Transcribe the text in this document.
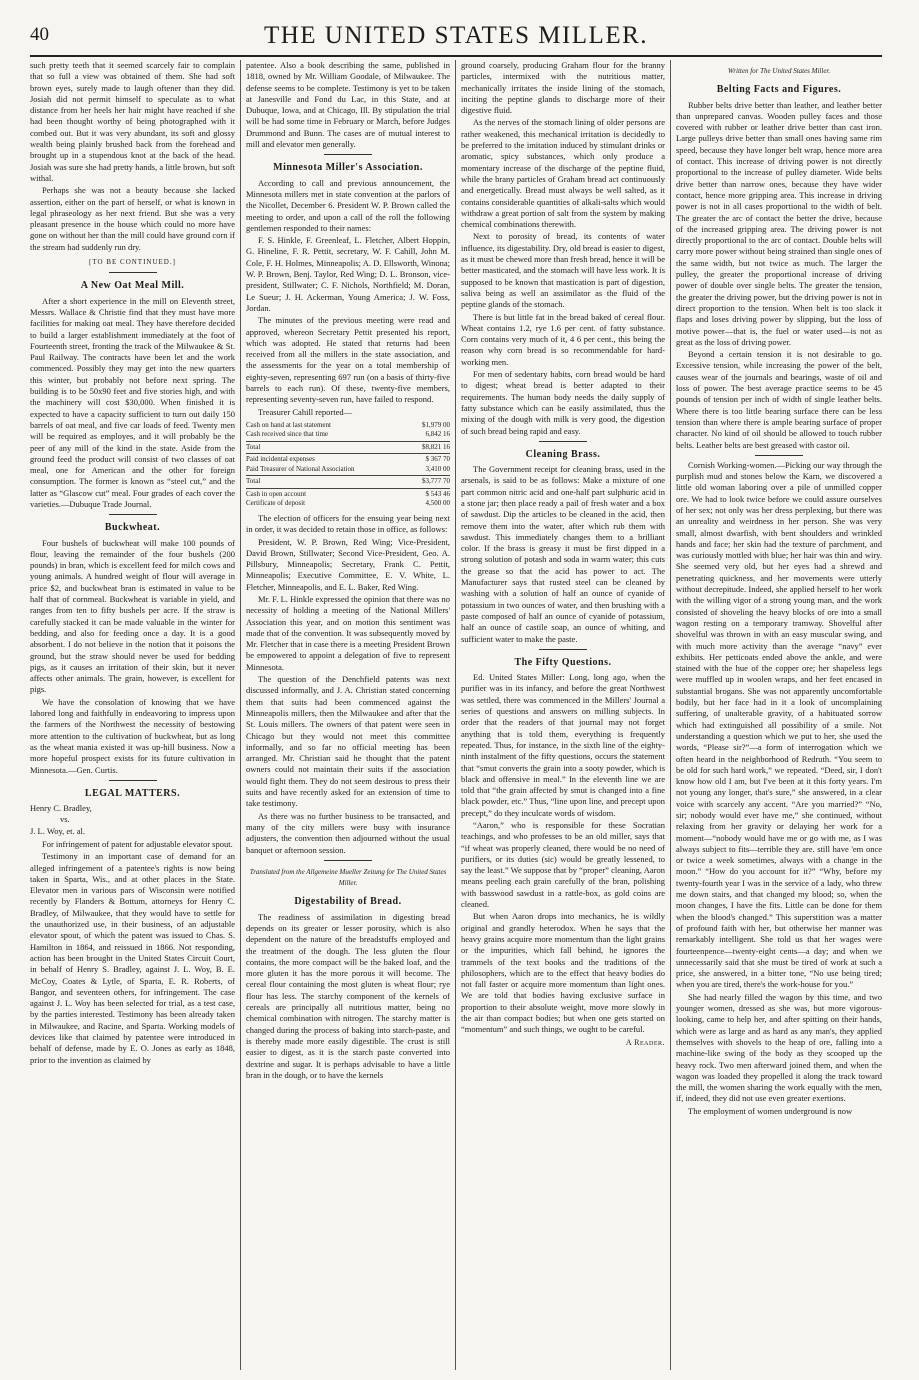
40	THE UNITED STATES MILLER.

such pretty teeth that it seemed scarcely fair to complain that so full a view was obtained of them. She had soft brown eyes, surely made to laugh oftener than they did. Josiah did not permit himself to speculate as to what distance from her heels her hair might have reached if she had been thought worthy of being photographed with it combed out. But it was very abundant, its soft and glossy wealth being plainly brushed back from the forehead and brought up in a stupendous knot at the back of the head. Josiah was sure she had pretty hands, a little brown, but soft withal.

Perhaps she was not a beauty because she lacked assertion, either on the part of herself, or what is known in legal phraseology as her next friend. But she was a very pleasant presence in the house which could no more have gone on without her than the mill could have ground corn if the stream had suddenly run dry.

[TO BE CONTINUED.]
A New Oat Meal Mill.

After a short experience in the mill on Eleventh street, Messrs. Wallace & Christie find that they must have more facilities for making oat meal. They have therefore decided to build a larger establishment immediately at the foot of Fourteenth street, fronting the track of the Milwaukee & St. Paul Railway. The contracts have been let and the work commenced. Possibly they may get into the new quarters this winter, but probably not before next spring. The building is to be 50x90 feet and five stories high, and with the machinery will cost $30,000. When finished it is expected to have a capacity sufficient to turn out daily 150 barrels of oat meal, and five car loads of feed. Twenty men will be required as employes, and it will probably be the peer of any mill of the kind in the state. Aside from the ground feed the product will consist of two classes of oat meal, one for American and the other for foreign consumption. The former is known as “steel cut,” and the latter as “Glascow cut” meal. Four grades of each cover the varieties.—Dubuque Trade Journal.

Buckwheat.

Four bushels of buckwheat will make 100 pounds of flour, leaving the remainder of the four bushels (200 pounds) in bran, which is excellent feed for milch cows and young animals. A hundred weight of flour will average in price $2, and buckwheat bran is estimated in value to be half that of cornmeal. Buckwheat is variable in yield, and ranges from ten to fifty bushels per acre. If the straw is carefully stacked it can be made valuable in the winter for bedding, and also for feeding once a day. It is a good absorbent. I do not believe in the notion that it poisons the ground, but the straw should never be used for bedding pigs, as it causes an irritation of their skin, but it never affects other animals. The grain, however, is excellent for pigs.

We have the consolation of knowing that we have labored long and faithfully in endeavoring to impress upon the farmers of the Northwest the necessity of bestowing more attention to the cultivation of buckwheat, but as long as the wheat mania existed it was up-hill business. Now a more hopeful prospect exists for its future cultivation in Minnesota.—Gen. Curtis.

LEGAL MATTERS.
Henry C. Bradley,
vs.
J. L. Woy, et. al.

For infringement of patent for adjustable elevator spout.

Testimony in an important case of demand for an alleged infringement of a patentee's rights is now being taken in Sparta, Wis., and at other places in the State. Elevator men in various pars of Wisconsin were notified recently by Flanders & Bottum, attorneys for Henry C. Bradley, of Milwaukee, that they would have to settle for the unauthorized use, in their business, of an adjustable elevator spout, of which the patent was issued to Chas. S. Hamilton in 1864, and reissued in 1866. Not responding, action has been brought in the United States Circuit Court, in behalf of Henry S. Bradley, against J. L. Woy, B. E. McCoy, Coates & Lytle, of Sparta, E. R. Roberts, of Bangor, and seventeen others, for infringement. The case against J. L. Woy has been selected for trial, as a test case, by the parties interested. Testimony has been already taken in Milwaukee, and Racine, and Sparta. Working models of devices like that claimed by patentee were introduced in behalf of defense, made by E. O. Jones as early as 1848, prior to the invention as claimed by

patentee. Also a book describing the same, published in 1818, owned by Mr. William Goodale, of Milwaukee. The defense seems to be complete. Testimony is yet to be taken at Janesville and Fond du Lac, in this State, and at Dubuque, Iowa, and at Chicago, Ill. By stipulation the trial will be had some time in February or March, before Judges Drummond and Bunn. The cases are of mutual interest to mill and elevator men generally.

Minnesota Miller's Association.

According to call and previous announcement, the Minnesota millers met in state convention at the parlors of the Nicollet, December 6. President W. P. Brown called the meeting to order, and upon a call of the roll the following gentlemen responded to their names:

F. S. Hinkle, F. Greenleaf, L. Fletcher, Albert Hoppin, G. Hineline, F. R. Pettit, secretary, W. F. Cahill, John M. Cole, F. H. Holmes, Minneapolis; A. D. Ellsworth, Winona; W. P. Brown, Benj. Taylor, Red Wing; D. L. Bronson, vice-president, Stillwater; C. F. Nichols, Northfield; M. Doran, Le Sueur; J. H. Ackerman, Young America; J. W. Foss, Jordan.

The minutes of the previous meeting were read and approved, whereon Secretary Pettit presented his report, which was adopted. He stated that returns had been received from all the millers in the state association, and the assessments for the year on a total membership of eighty-seven, representing 697 run (on a basis of thirty-five barrels to each run). Of these, twenty-five members, representing seventy-seven run, have failed to respond.

Treasurer Cahill reported—

Cash on hand at last statement	$1,979 00
Cash received since that time	6,842 16
Total	$8,821 16
Paid incidental expenses	$ 367 70
Paid Treasurer of National Association	3,410 00
Total	$3,777 70
Cash in open account	$ 543 46
Certificate of deposit	4,500 00

The election of officers for the ensuing year being next in order, it was decided to retain those in office, as follows:

President, W. P. Brown, Red Wing; Vice-President, David Brown, Stillwater; Second Vice-President, Geo. A. Pillsbury, Minneapolis; Secretary, Frank C. Pettit, Minneapolis; Executive Committee, E. V. White, L. Fletcher, Minneapolis, and E. L. Baker, Red Wing.

Mr. F. L. Hinkle expressed the opinion that there was no necessity of holding a meeting of the National Millers' Association this year, and on motion this sentiment was made that of the convention. It was subsequently moved by Mr. Fletcher that in case there is a meeting President Brown be empowered to appoint a delegation of five to represent Minnesota.

The question of the Denchfield patents was next discussed informally, and J. A. Christian stated concerning them that suits had been commenced against the Minneapolis millers, then the Milwaukee and after that the St. Louis millers. The owners of that patent were seen in Chicago but they would not meet this committee informally, and so far no official meeting has been arranged. Mr. Christian said he thought that the patent owners could not maintain their suits if the association would fight them. They do not seem desirous to press their suits and have recently asked for an extension of time to take testimony.

As there was no further business to be transacted, and many of the city millers were busy with insurance adjusters, the convention then adjourned without the usual banquet or afternoon session.

Translated from the Allgemeine Mueller Zeitung for The United States Miller.
Digestability of Bread.

The readiness of assimilation in digesting bread depends on its greater or lesser porosity, which is also dependent on the nature of the breadstuffs employed and the treatment of the dough. The less gluten the flour contains, the more compact will be the baked loaf, and the more gluten it has the more porous it will become. The cereal flour containing the most gluten is wheat flour; rye flour has less. The starchy component of the kernels of cereals are principally all nutritious matter, being no chemical combination with nitrogen. The starchy matter is changed during the process of baking into starch-paste, and is thereby made more easily digestible. The crust is still easier to digest, as it is the starch paste converted into dextrine and sugar. It is perhaps advisable to have a little bran in the dough, or to have the kernels

ground coarsely, producing Graham flour for the branny particles, intermixed with the nutritious matter, mechanically irritates the inside lining of the stomach, inciting the peptine glands to discharge more of their digestive fluid.

As the nerves of the stomach lining of older persons are rather weakened, this mechanical irritation is decidedly to be preferred to the imitation induced by stimulant drinks or aromatic, spicy substances, which only produce a momentary increase of the discharge of the peptine fluid, while the brany particles of Graham bread act continuously and energetically. Bread must always be well salted, as it contains considerable quantities of alkali-salts which would withdraw a great portion of salt from the system by making chemical combinations therewith.

Next to porosity of bread, its contents of water influence, its digestability. Dry, old bread is easier to digest, as it must be chewed more than fresh bread, hence it will be better masticated, and the stomach will have less work. It is supposed to be known that mastication is part of digestion, saliva being as well an assimilator as the fluid of the peptine glands of the stomach.

There is but little fat in the bread baked of cereal flour. Wheat contains 1.2, rye 1.6 per cent. of fatty substance. Corn contains very much of it, 4 6 per cent., this being the reason why corn bread is so recommendable for hard-working men.

For men of sedentary habits, corn bread would be hard to digest; wheat bread is better adapted to their requirements. The human body needs the daily supply of fatty substance which can be easily assimilated, thus the mixing of the dough with milk is very good, the digestion of such bread being rapid and easy.

Cleaning Brass.

The Government receipt for cleaning brass, used in the arsenals, is said to be as follows: Make a mixture of one part common nitric acid and one-half part sulphuric acid in a stone jar; then place ready a pail of fresh water and a box of sawdust. Dip the articles to be cleaned in the acid, then remove them into the water, after which rub them with sawdust. This immediately changes them to a brilliant color. If the brass is greasy it must be first dipped in a strong solution of potash and soda in warm water; this cuts the grease so that the acid has power to act. The Manufacturer says that rusted steel can be cleaned by washing with a solution of half an ounce of cyanide of potassium in two ounces of water, and then brushing with a paste composed of half an ounce of cyanide of potassium, half an ounce of castile soap, an ounce of whiting, and sufficient water to make the paste.

The Fifty Questions.

Ed. United States Miller: Long, long ago, when the purifier was in its infancy, and before the great Northwest was settled, there was commenced in the Millers' Journal a series of questions and answers on milling subjects. In order that the readers of that journal may not forget anything that is told them, everything is frequently repeated. Thus, for instance, in the sixth line of the eighty-ninth instalment of the fifty questions, occurs the statement that “smut converts the grain into a sooty powder, which is black and offensive in meal.” In the eleventh line we are told that “the grain affected by smut is changed into a fine black powder, etc.” Thus, “line upon line, and precept upon precept,” do they inculcate words of wisdom.

“Aaron,” who is responsible for these Socratian teachings, and who professes to be an old miller, says that “if wheat was properly cleaned, there would be no need of purifiers, or its duties (sic) would be greatly lessened, to say the least.” We suppose that by “proper” cleaning, Aaron means peeling each grain carefully of the bran, polishing with basswood sawdust in a rattle-box, as gold coins are cleaned.

But when Aaron drops into mechanics, he is wildly original and grandly heterodox. When he says that the heavy grains acquire more momentum than the light grains or the impurities, which fall behind, he ignores the trammels of the text books and the traditions of the philosophers, which are to the effect that heavy bodies do not fall faster or acquire more momentum than light ones. We are told that bodies having exclusive surface in proportion to their absolute weight, move more slowly in the air than compact bodies; but when one gets started on “momentum” and such things, we ought to be careful.

A Reader.
Written for The United States Miller.
Belting Facts and Figures.

Rubber belts drive better than leather, and leather better than unprepared canvas. Wooden pulley faces and those covered with rubber or leather drive better than cast iron. Large pulleys drive better than small ones having same rim speed, because they have longer belt wrap, hence more area of contact. This increase of driving power is not directly proportional to the increase of pulley diameter. Wide belts drive better than narrow ones, because they have wider contact, hence more gripping area. This increase in driving power is not in all cases proportional to the width of belt. The greater the arc of contact the better the drive, because of the increased gripping area. The driving power is not directly proportional to the arc of contact. Double belts will carry more power without being strained than single ones of the same width, but not twice as much. The larger the pulley, the greater the proportional increase of driving power of double over single belts. The greater the tension, the greater the driving power, but the driving power is not in direct proportion to the tension. When belt is too slack it flaps and loses driving power by slipping, but the loss of motive power—that is, the fuel or water used—is not as great as the loss of driving power.

Beyond a certain tension it is not desirable to go. Excessive tension, while increasing the power of the belt, causes wear of the journals and bearings, waste of oil and loss of power. The best average practice seems to be 45 pounds of tension per inch of width of single leather belts. Where there is too little bearing surface there can be less tension than where there is ample bearing surface of proper character. No kind of oil should be allowed to touch rubber belts. Leather belts are best greased with castor oil.

Cornish Working-women.—Picking our way through the purplish mud and stones below the Karn, we discovered a little old woman laboring over a pile of unmilled copper ore. We had to look twice before we could assure ourselves of her sex; not only was her dress perplexing, but there was an unreality and weirdness in her person. She was very small, almost dwarfish, with bent shoulders and wrinkled hands and face; her skin had the texture of parchment, and was curiously mottled with blue; her hair was thin and wiry. She seemed very old, but her eyes had a shrewd and penetrating quickness, and her movements were utterly without decrepitude. Indeed, she applied herself to her work with the willing vigor of a strong young man, and the work consisted of shoveling the heavy blocks of ore into a small wagon resting on a temporary tramway. Shovelful after shovelful was thrown in with an easy muscular swing, and with much more activity than the average “navy” ever exhibits. Her petticoats ended above the ankle, and were stained with the hue of the copper ore; her shapeless legs were muffled up in woolen wraps, and her feet encased in substantial brogans. She was not apparently uncomfortable bodily, but her face had in it a look of uncomplaining suffering, of unalterable gravity, of a habituated sorrow which had extinguished all possibility of a smile. Not understanding a question which we put to her, she used the words, “Please sir?”—a form of interrogation which we often heard in the neighborhood of Redruth. “You seem to be old for such hard work,” we repeated. “Deed, sir, I don't know how old I am, but I've been at it this forty years. I'm not young any longer, that's sure,” she answered, in a clear voice with scarcely any accent. “Are you married?” “No, sir; nobody would ever have me,” she continued, without relaxing from her gravity or delaying her work for a moment—“nobody would have me or go with me, as I was always subject to fits—terrible they are. still have 'em once or twice a week sometimes, always with a change in the moon.” “How do you account for it?” “Why, before my twenty-fourth year I was in the service of a lady, who threw me down stairs, and that changed my blood; so, when the moon changes, I have the fits. Little can be done for them when the blood's changed.” This superstition was a matter of profound faith with her, but otherwise her manner was remarkably intelligent. She told us that her wages were fourteenpence—twenty-eight cents—a day; and when we unnecessarily said that she must be tired of work at such a price, she answered, in a bitter tone, “No use being tired; when you are tired, there's the work-house for you.”

She had nearly filled the wagon by this time, and two younger women, dressed as she was, but more vigorous-looking, came to help her, and after spitting on their hands, which were as large and as hard as any man's, they applied themselves with shovels to the heap of ore, falling into a machine-like swing of the body as they scooped up the heavy rock. Two men afterward joined them, and when the wagon was loaded they propelled it along the track toward the mill, the women sharing the work equally with the men, if, indeed, they did not use even greater exertions.

The employment of women underground is now
